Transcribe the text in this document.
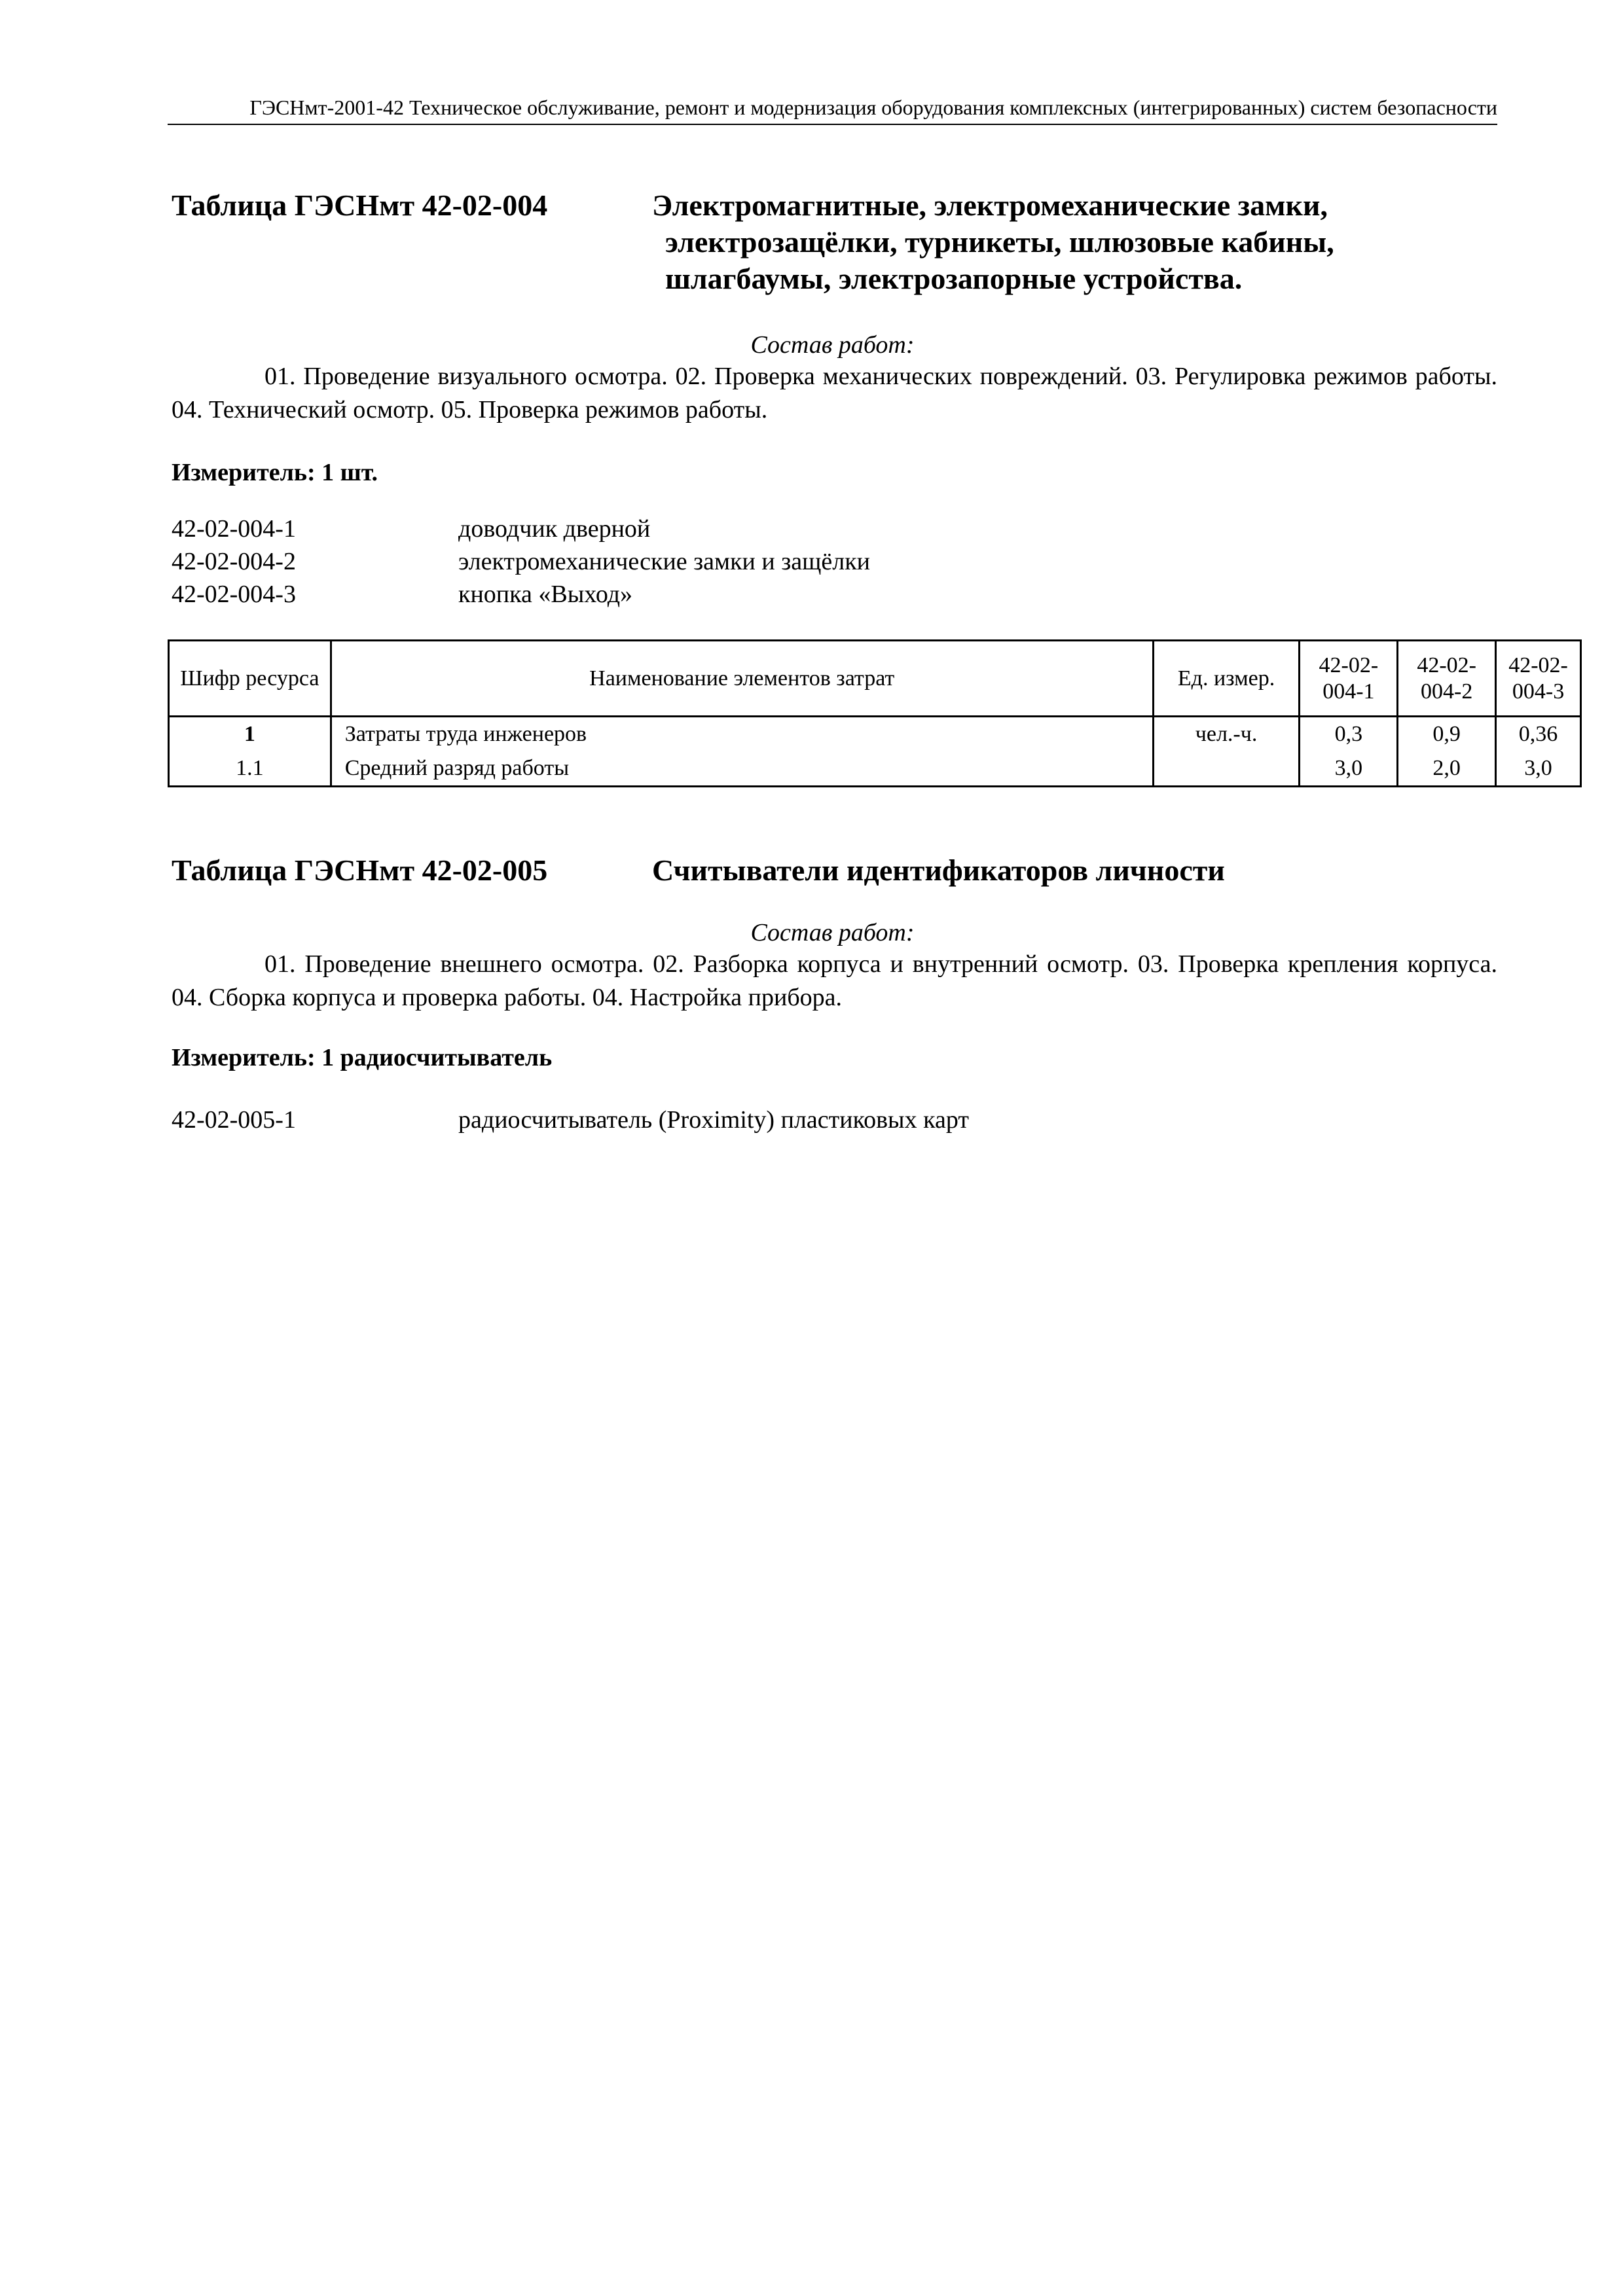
ГЭСНмт-2001-42 Техническое обслуживание, ремонт и модернизация оборудования комплексных (интегрированных) систем безопасности
Таблица ГЭСНмт 42-02-004	Электромагнитные, электромеханические замки,
электрозащёлки, турникеты, шлюзовые кабины,
шлагбаумы, электрозапорные устройства.
Состав работ:
01. Проведение визуального осмотра. 02. Проверка механических повреждений. 03. Регулировка режимов работы. 04. Технический осмотр. 05. Проверка режимов работы.
Измеритель: 1 шт.
42-02-004-1	доводчик дверной
42-02-004-2	электромеханические замки и защёлки
42-02-004-3	кнопка «Выход»
Шифр ресурса	Наименование элементов затрат	Ед. измер.	42-02-004-1	42-02-004-2	42-02-004-3
1	Затраты труда инженеров	чел.-ч.	0,3	0,9	0,36
1.1	Средний разряд работы		3,0	2,0	3,0
Таблица ГЭСНмт 42-02-005	Считыватели идентификаторов личности
Состав работ:
01. Проведение внешнего осмотра. 02. Разборка корпуса и внутренний осмотр. 03. Проверка крепления корпуса. 04. Сборка корпуса и проверка работы. 04. Настройка прибора.
Измеритель: 1 радиосчитыватель
42-02-005-1	радиосчитыватель (Proximity) пластиковых карт
